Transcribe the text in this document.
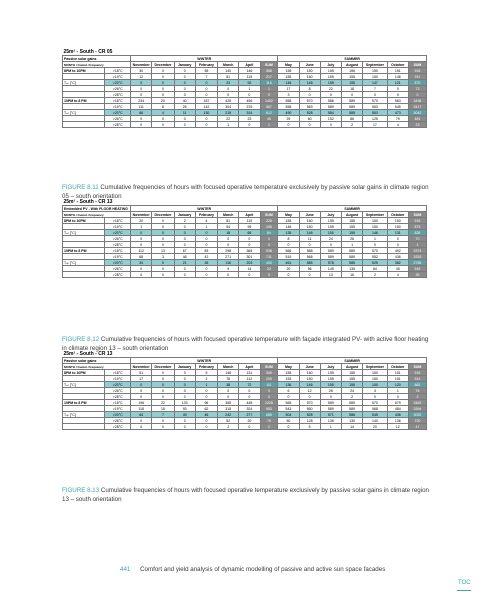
25m² - South - CR 05															
Passive solar gains		WINTER							SUMMER						
MONTH / Cumul. Frequency		November	December	January	February	March	April	SUM	May	June	July	August	September	October	SUM
8PM to 10PM	>18°C	30	0	0	55	140	146	368	155	150	155	155	150	151	916
	>19°C	12	0	0	7	81	119	217	155	150	155	155	150	146	911
Tₒₚ [°C]	>20°C	0	0	0	0	23	92	115	146	146	155	155	147	121	870
	>26°C	0	0	0	0	0	1	1	17	8	22	18	7	0	72
	>28°C	0	0	0	0	0	0	0	3	0	0	0	0	0	0
10PM to 8 PM	>18°C	234	20	40	187	425	496	1402	558	570	586	589	570	563	3436
	>19°C	111	8	26	142	304	376	967	558	569	589	589	563	545	3417
Tₒₚ [°C]	>20°C	66	4	11	130	215	314	612	490	528	584	585	553	473	3042
	>26°C	0	0	0	0	22	23	45	29	60	152	86	125	79	481
	>28°C	0	0	0	0	1	0	1	0	0	0	2	17	4	23
25m² - South - CR 13															
Embedded PV - With FLOOR HEATING		WINTER							SUMMER						
MONTH / Cumul. Frequency		November	December	January	February	March	April	SUM	May	June	July	August	September	October	SUM
8PM to 10PM	>18°C	20	0	2	4	81	119	226	155	150	155	155	150	150	915
	>19°C	1	0	0	1	54	99	155	146	150	155	155	150	150	873
Tₒₚ [°C]	>20°C	0	0	0	0	18	66	84	135	146	150	155	146	131	828
	>26°C	0	0	0	0	0	0	0	8	11	24	26	1	0	70
	>28°C	0	0	0	0	0	0	0	0	0	0	1	0	0	1
10PM to 8 PM	>18°C	112	13	67	83	298	365	938	566	588	589	589	570	492	3374
	>19°C	68	3	46	42	271	301	731	519	568	589	589	552	436	3253
Tₒₚ [°C]	>20°C	34	0	21	26	116	203	400	461	585	578	585	525	382	2765
	>26°C	0	0	0	0	9	14	23	20	56	145	135	84	45	545
	>28°C	0	0	0	0	0	0	0	0	0	13	16	2	4	35
25m² - South - CR 13															
Passive solar gains		WINTER							SUMMER						
MONTH / Cumul. Frequency		November	December	January	February	March	April	SUM	May	June	July	August	September	October	SUM
8PM to 10PM	>18°C	51	0	0	5	148	131	340	155	150	155	155	150	151	916
	>19°C	17	0	0	2	78	112	209	153	150	155	155	150	151	914
Tₒₚ [°C]	>20°C	0	0	0	1	38	72	111	136	146	155	155	150	120	862
	>26°C	0	0	0	0	0	0	0	6	12	26	24	3	1	76
	>28°C	0	0	0	0	0	0	0	0	0	0	2	0	0	2
10PM to 8 PM	>18°C	196	22	133	96	365	448	1228	565	570	589	589	570	579	3462
	>19°C	118	15	93	62	315	324	983	543	560	589	589	568	484	3394
Tₒₚ [°C]	>20°C	64	7	49	46	242	277	685	504	528	571	586	545	436	3092
	>26°C	0	0	0	0	52	20	79	50	128	136	130	140	136	720
	>28°C	0	0	0	0	2	0	2	0	5	1	14	20	12	47
FIGURE 8.11 Cumulative frequencies of hours with focused operative temperature exclusively by passive solar gains in climate region 05 – south orientation
FIGURE 8.12 Cumulative frequencies of hours with focused operative temperature with façade integrated PV- with active floor heating in climate region 13 – south orientation
FIGURE 8.13 Cumulative frequencies of hours with focused operative temperature exclusively by passive solar gains in climate region 13 – south orientation
441 Comfort and yield analysis of dynamic modelling of passive and active sun space facades
TOC
